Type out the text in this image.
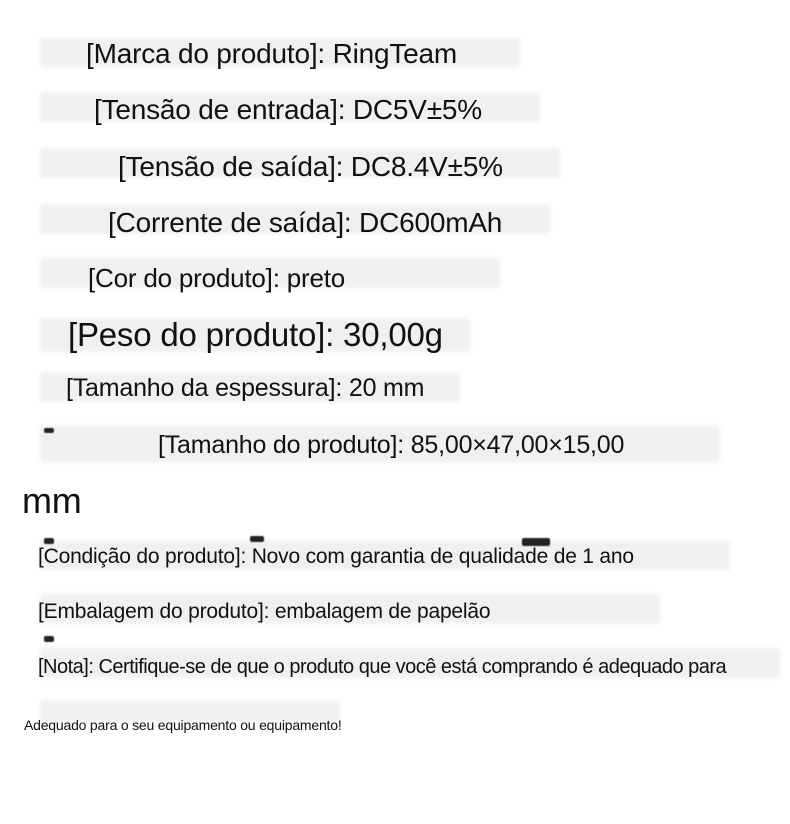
[Marca do produto]: RingTeam
[Tensão de entrada]: DC5V±5%
[Tensão de saída]: DC8.4V±5%
[Corrente de saída]: DC600mAh
[Cor do produto]: preto
[Peso do produto]: 30,00g
[Tamanho da espessura]: 20 mm
[Tamanho do produto]: 85,00×47,00×15,00
mm
[Condição do produto]: Novo com garantia de qualidade de 1 ano
[Embalagem do produto]: embalagem de papelão
[Nota]: Certifique-se de que o produto que você está comprando é adequado para
Adequado para o seu equipamento ou equipamento!
